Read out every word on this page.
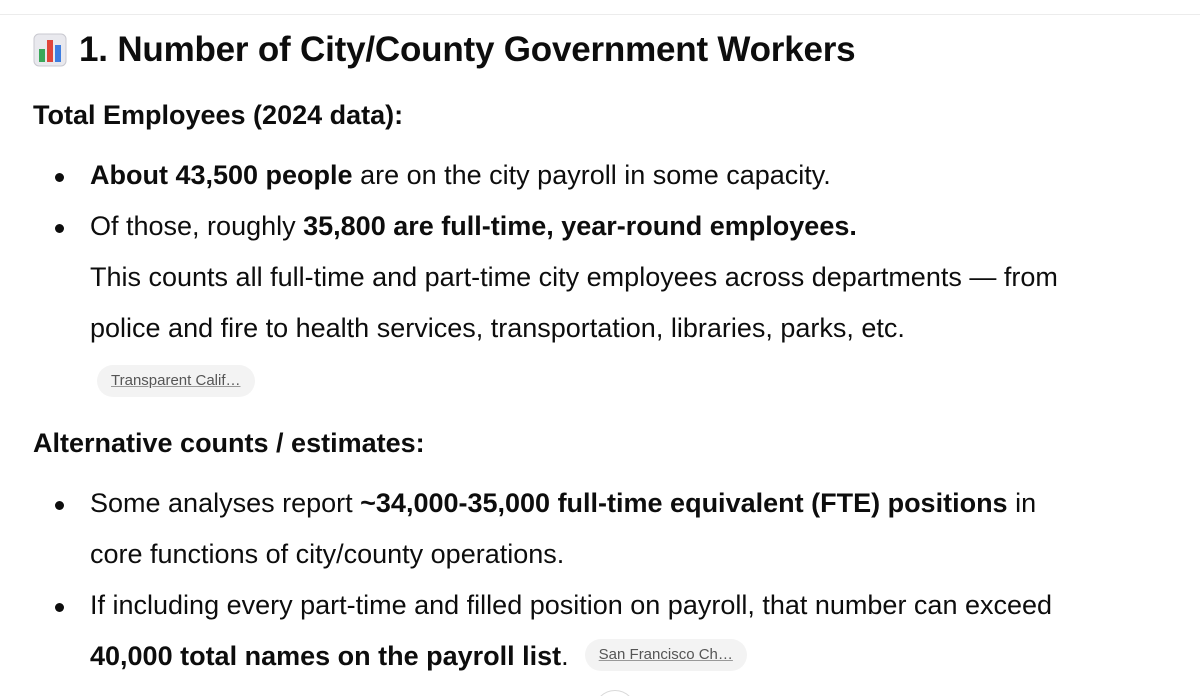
1. Number of City/County Government Workers
Total Employees (2024 data):
About 43,500 people are on the city payroll in some capacity.
Of those, roughly 35,800 are full-time, year-round employees.
This counts all full-time and part-time city employees across departments — from
police and fire to health services, transportation, libraries, parks, etc.
Transparent Calif…
Alternative counts / estimates:
Some analyses report ~34,000-35,000 full-time equivalent (FTE) positions in
core functions of city/county operations.
If including every part-time and filled position on payroll, that number can exceed
40,000 total names on the payroll list. San Francisco Ch…
